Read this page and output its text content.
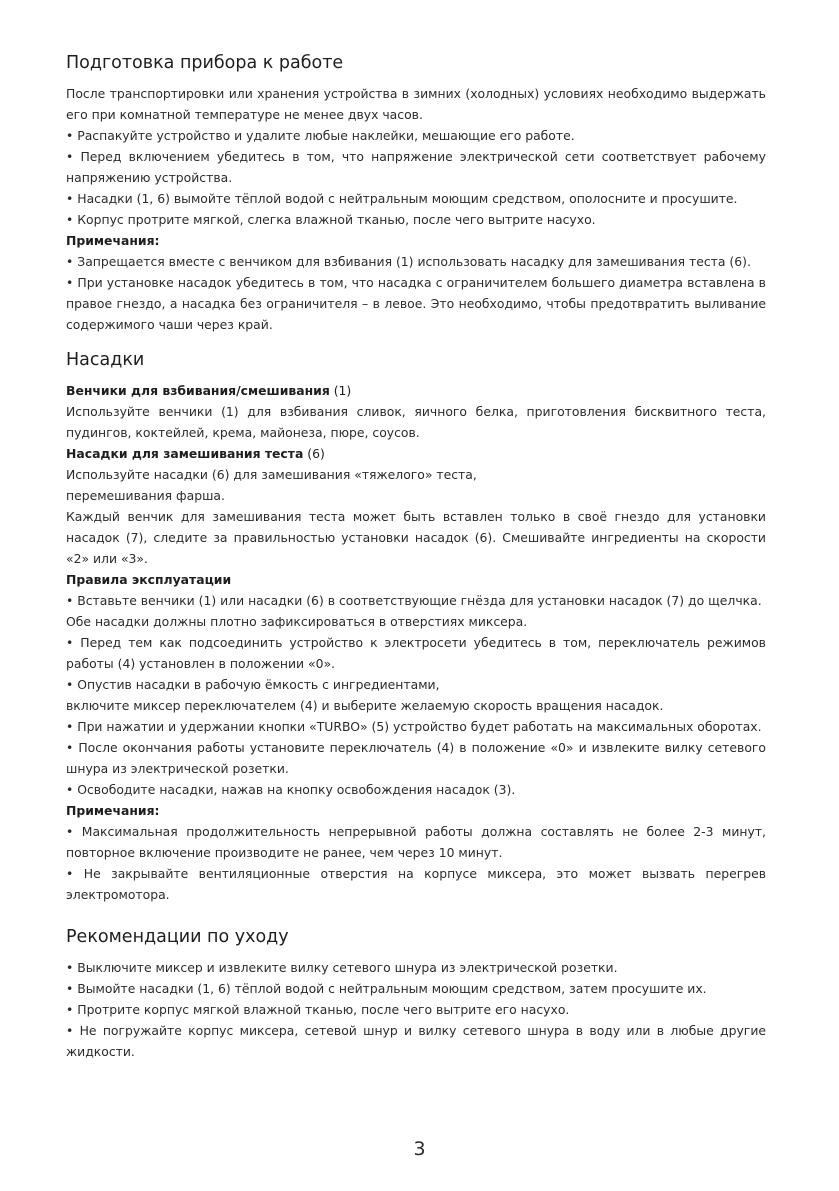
Подготовка прибора к работе

После транспортировки или хранения устройства в зимних (холодных) условиях необходимо выдержать его при комнатной температуре не менее двух часов.

• Распакуйте устройство и удалите любые наклейки, мешающие его работе.

• Перед включением убедитесь в том, что напряжение электрической сети соответствует рабочему напряжению устройства.

• Насадки (1, 6) вымойте тёплой водой с нейтральным моющим средством, ополосните и просушите.

• Корпус протрите мягкой, слегка влажной тканью, после чего вытрите насухо.

Примечания:

• Запрещается вместе с венчиком для взбивания (1) использовать насадку для замешивания теста (6).

• При установке насадок убедитесь в том, что насадка с ограничителем большего диаметра вставлена в правое гнездо, а насадка без ограничителя – в левое. Это необходимо, чтобы предотвратить выливание содержимого чаши через край.

Насадки

Венчики для взбивания/смешивания (1)

Используйте венчики (1) для взбивания сливок, яичного белка, приготовления бисквитного теста, пудингов, коктейлей, крема, майонеза, пюре, соусов.

Насадки для замешивания теста (6)

Используйте насадки (6) для замешивания «тяжелого» теста,

перемешивания фарша.

Каждый венчик для замешивания теста может быть вставлен только в своё гнездо для установки насадок (7), следите за правильностью установки насадок (6). Смешивайте ингредиенты на скорости «2» или «3».

Правила эксплуатации

• Вставьте венчики (1) или насадки (6) в соответствующие гнёзда для установки насадок (7) до щелчка.

Обе насадки должны плотно зафиксироваться в отверстиях миксера.

• Перед тем как подсоединить устройство к электросети убедитесь в том, переключатель режимов работы (4) установлен в положении «0».

• Опустив насадки в рабочую ёмкость с ингредиентами,

включите миксер переключателем (4) и выберите желаемую скорость вращения насадок.

• При нажатии и удержании кнопки «TURBO» (5) устройство будет работать на максимальных оборотах.

• После окончания работы установите переключатель (4) в положение «0» и извлеките вилку сетевого шнура из электрической розетки.

• Освободите насадки, нажав на кнопку освобождения насадок (3).

Примечания:

• Максимальная продолжительность непрерывной работы должна составлять не более 2-3 минут, повторное включение производите не ранее, чем через 10 минут.

• Не закрывайте вентиляционные отверстия на корпусе миксера, это может вызвать перегрев электромотора.

Рекомендации по уходу

• Выключите миксер и извлеките вилку сетевого шнура из электрической розетки.

• Вымойте насадки (1, 6) тёплой водой с нейтральным моющим средством, затем просушите их.

• Протрите корпус мягкой влажной тканью, после чего вытрите его насухо.

• Не погружайте корпус миксера, сетевой шнур и вилку сетевого шнура в воду или в любые другие жидкости.

3
